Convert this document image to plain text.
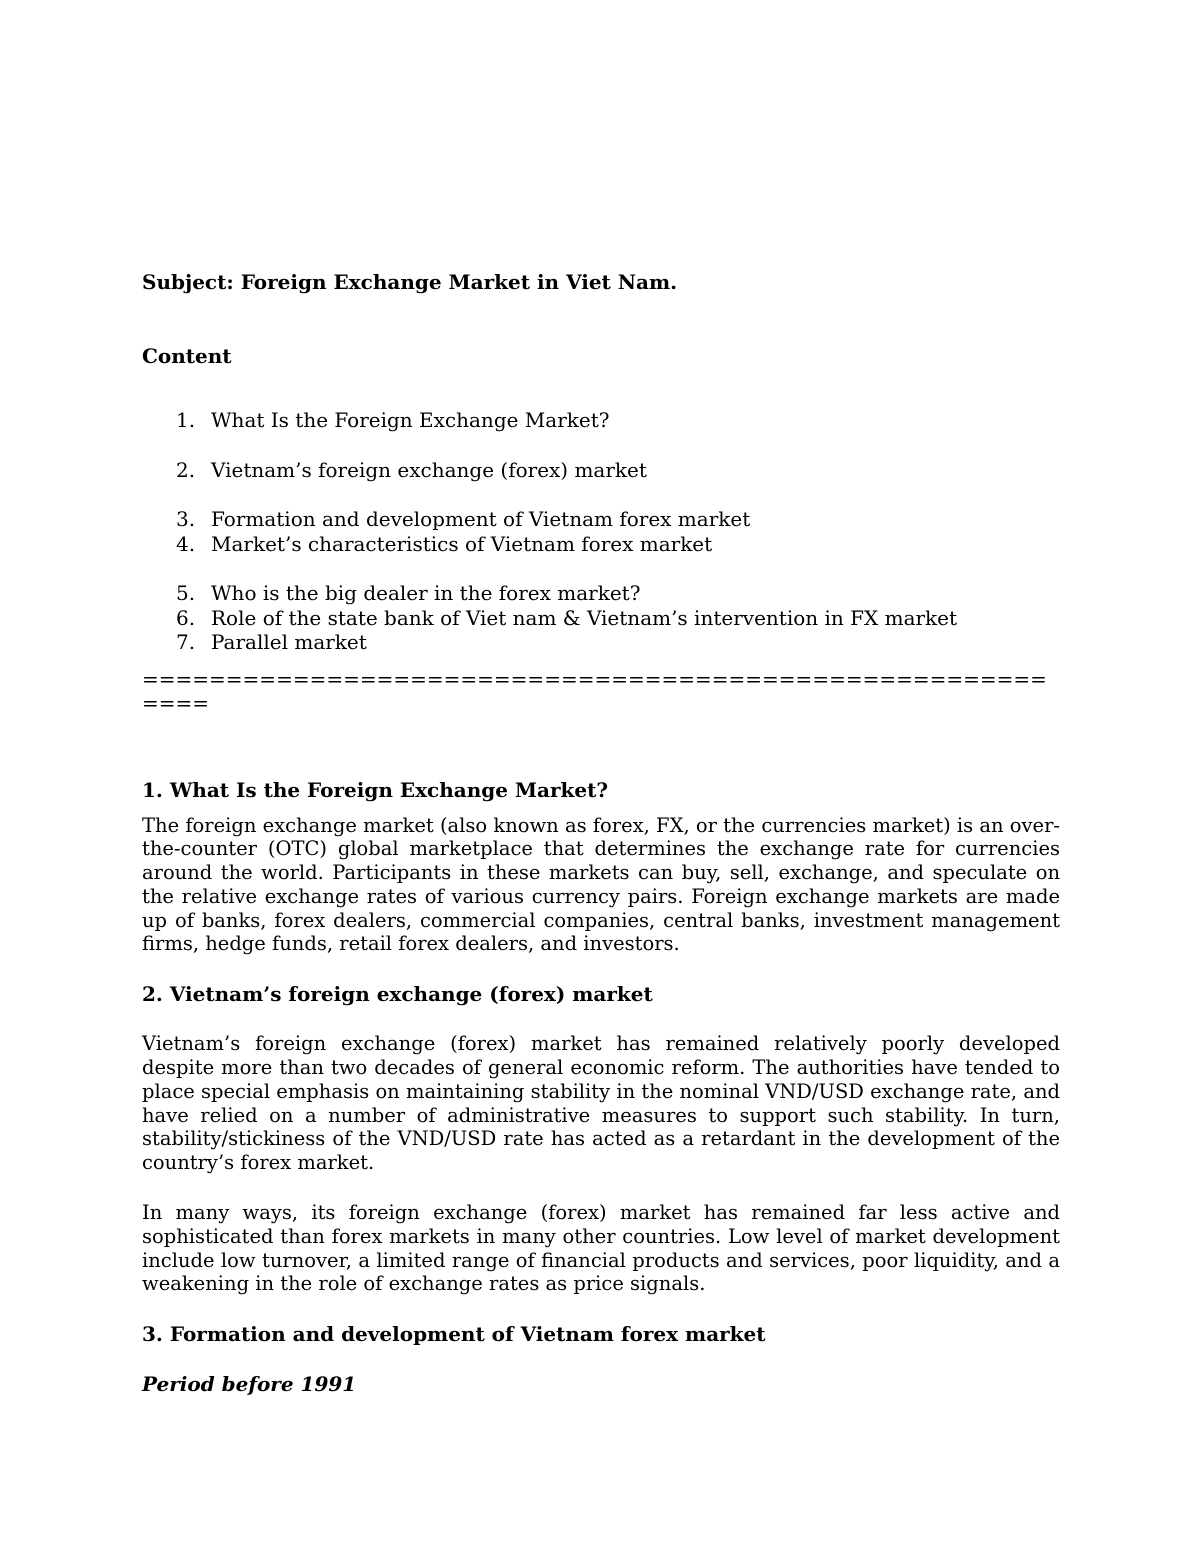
Subject: Foreign Exchange Market in Viet Nam.

Content

1. What Is the Foreign Exchange Market?
2. Vietnam’s foreign exchange (forex) market
3. Formation and development of Vietnam forex market
4. Market’s characteristics of Vietnam forex market
5. Who is the big dealer in the forex market?
6. Role of the state bank of Viet nam & Vietnam’s intervention in FX market
7. Parallel market
==========================================================
1. What Is the Foreign Exchange Market?

The foreign exchange market (also known as forex, FX, or the currencies market) is an over-the-counter (OTC) global marketplace that determines the exchange rate for currencies around the world. Participants in these markets can buy, sell, exchange, and speculate on the relative exchange rates of various currency pairs. Foreign exchange markets are made up of banks, forex dealers, commercial companies, central banks, investment management firms, hedge funds, retail forex dealers, and investors.

2. Vietnam’s foreign exchange (forex) market

Vietnam’s foreign exchange (forex) market has remained relatively poorly developed despite more than two decades of general economic reform. The authorities have tended to place special emphasis on maintaining stability in the nominal VND/USD exchange rate, and have relied on a number of administrative measures to support such stability. In turn, stability/stickiness of the VND/USD rate has acted as a retardant in the development of the country’s forex market.

In many ways, its foreign exchange (forex) market has remained far less active and sophisticated than forex markets in many other countries. Low level of market development include low turnover, a limited range of financial products and services, poor liquidity, and a weakening in the role of exchange rates as price signals.

3. Formation and development of Vietnam forex market

Period before 1991
